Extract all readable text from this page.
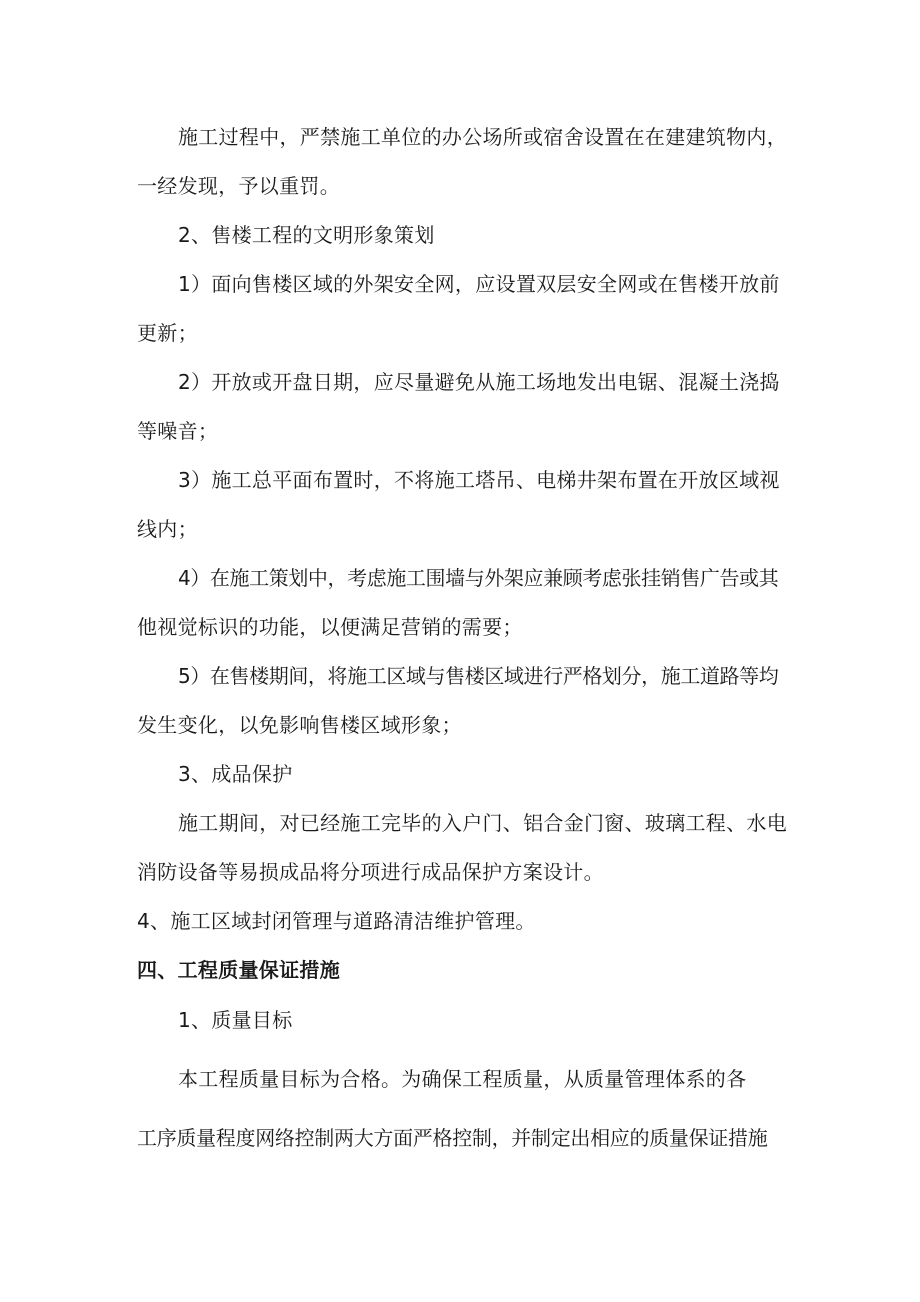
施工过程中，严禁施工单位的办公场所或宿舍设置在在建建筑物内，
一经发现，予以重罚。
2、售楼工程的文明形象策划
1）面向售楼区域的外架安全网，应设置双层安全网或在售楼开放前
更新；
2）开放或开盘日期，应尽量避免从施工场地发出电锯、混凝土浇捣
等噪音；
3）施工总平面布置时，不将施工塔吊、电梯井架布置在开放区域视
线内；
4）在施工策划中，考虑施工围墙与外架应兼顾考虑张挂销售广告或其
他视觉标识的功能，以便满足营销的需要；
5）在售楼期间，将施工区域与售楼区域进行严格划分，施工道路等均
发生变化，以免影响售楼区域形象；
3、成品保护
施工期间，对已经施工完毕的入户门、铝合金门窗、玻璃工程、水电
消防设备等易损成品将分项进行成品保护方案设计。
4、施工区域封闭管理与道路清洁维护管理。
四、工程质量保证措施
1、质量目标
本工程质量目标为合格。为确保工程质量，从质量管理体系的各
工序质量程度网络控制两大方面严格控制，并制定出相应的质量保证措施
